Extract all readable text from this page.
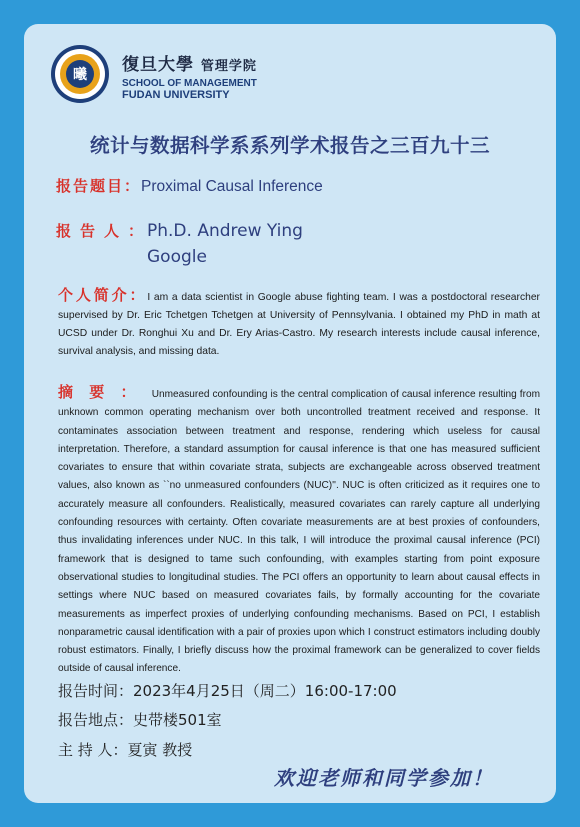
曦 復旦大學 管理学院
SCHOOL OF MANAGEMENT
FUDAN UNIVERSITY
统计与数据科学系系列学术报告之三百九十三
报告题目：Proximal Causal Inference
报告人：
Ph.D. Andrew Ying
Google
个人简介：I am a data scientist in Google abuse fighting team. I was a postdoctoral researcher supervised by Dr. Eric Tchetgen Tchetgen at University of Pennsylvania. I obtained my PhD in math at UCSD under Dr. Ronghui Xu and Dr. Ery Arias-Castro. My research interests include causal inference, survival analysis, and missing data.
摘要：Unmeasured confounding is the central complication of causal inference resulting from unknown common operating mechanism over both uncontrolled treatment received and response. It contaminates association between treatment and response, rendering which useless for causal interpretation. Therefore, a standard assumption for causal inference is that one has measured sufficient covariates to ensure that within covariate strata, subjects are exchangeable across observed treatment values, also known as ``no unmeasured confounders (NUC)''. NUC is often criticized as it requires one to accurately measure all confounders. Realistically, measured covariates can rarely capture all underlying confounding resources with certainty. Often covariate measurements are at best proxies of confounders, thus invalidating inferences under NUC. In this talk, I will introduce the proximal causal inference (PCI) framework that is designed to tame such confounding, with examples starting from point exposure observational studies to longitudinal studies. The PCI offers an opportunity to learn about causal effects in settings where NUC based on measured covariates fails, by formally accounting for the covariate measurements as imperfect proxies of underlying confounding mechanisms. Based on PCI, I establish nonparametric causal identification with a pair of proxies upon which I construct estimators including doubly robust estimators. Finally, I briefly discuss how the proximal framework can be generalized to cover fields outside of causal inference.
报告时间：2023年4月25日（周二）16:00-17:00
报告地点：史带楼501室
主 持 人：夏寅 教授
欢迎老师和同学参加！
